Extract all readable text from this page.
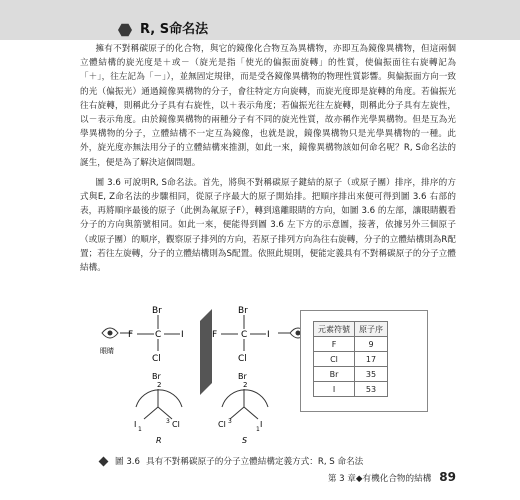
R, S命名法

擁有不對稱碳原子的化合物，與它的鏡像化合物互為異構物，亦即互為鏡像異構物，但這兩個立體結構的旋光度是＋或－（旋光是指「使光的偏振面旋轉」的性質，使偏振面往右旋轉記為「＋」，往左記為「－」），並無固定規律，而是受各鏡像異構物的物理性質影響。與偏振面方向一致的光（偏振光）通過鏡像異構物的分子，會往特定方向旋轉，而旋光度即是旋轉的角度。若偏振光往右旋轉，則稱此分子具有右旋性，以＋表示角度；若偏振光往左旋轉，則稱此分子具有左旋性，以－表示角度。由於鏡像異構物的兩種分子有不同的旋光性質，故亦稱作光學異構物。但是互為光學異構物的分子，立體結構不一定互為鏡像，也就是說，鏡像異構物只是光學異構物的一種。此外，旋光度亦無法用分子的立體結構來推測，如此一來，鏡像異構物該如何命名呢？R, S命名法的誕生，便是為了解決這個問題。

圖 3.6 可說明R, S命名法。首先，將與不對稱碳原子鍵結的原子（或原子團）排序，排序的方式與E, Z命名法的步驟相同，從原子序最大的原子開始排。把順序排出來便可得到圖 3.6 右部的表，再將順序最後的原子（此例為氟原子F），轉到遠離眼睛的方向，如圖 3.6 的左部，讓眼睛觀看分子的方向與箭號相同。如此一來，便能得到圖 3.6 左下方的示意圖，接著，依據另外三個原子（或原子團）的順序，觀察原子排列的方向，若原子排列方向為往右旋轉，分子的立體結構則為R配置；若往左旋轉，分子的立體結構則為S配置。依照此規則，便能定義具有不對稱碳原子的分子立體結構。

眼睛
Br
F C I
Cl
Br
F	C I
Cl
Br
2
I
1
Cl
3
R
Br
2
Cl 3	I
1
S
元素符號	原子序
F	9
Cl	17
Br	35
I	53
圖 3.6 具有不對稱碳原子的分子立體結構定義方式：R, S 命名法
第 3 章◆有機化合物的結構 89
